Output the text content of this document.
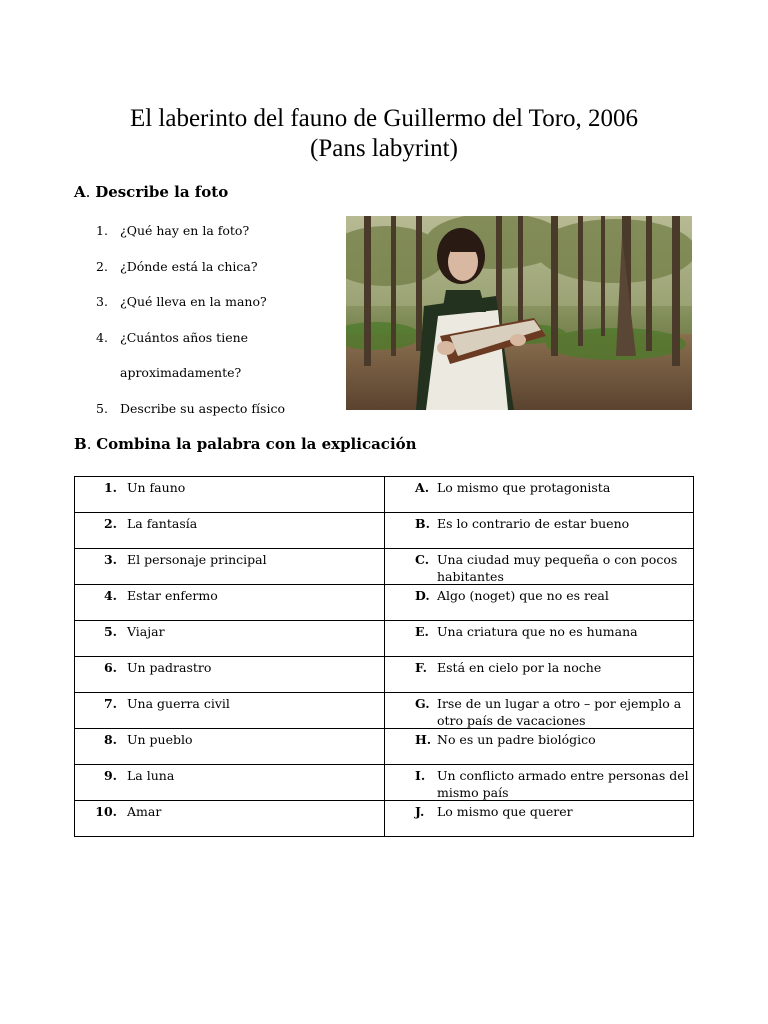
El laberinto del fauno de Guillermo del Toro, 2006
(Pans labyrint)
A. Describe la foto
1. ¿Qué hay en la foto?
2. ¿Dónde está la chica?
3. ¿Qué lleva en la mano?
4. ¿Cuántos años tiene
aproximadamente?
5. Describe su aspecto físico
B. Combina la palabra con la explicación
1. Un fauno	A. Lo mismo que protagonista

2. La fantasía	B. Es lo contrario de estar bueno

3. El personaje principal	C. Una ciudad muy pequeña o con pocos habitantes

4. Estar enfermo	D. Algo (noget) que no es real

5. Viajar	E. Una criatura que no es humana

6. Un padrastro	F. Está en cielo por la noche

7. Una guerra civil	G. Irse de un lugar a otro – por ejemplo a otro país de vacaciones

8. Un pueblo	H. No es un padre biológico

9. La luna	I. Un conflicto armado entre personas del mismo país

10. Amar	J. Lo mismo que querer
